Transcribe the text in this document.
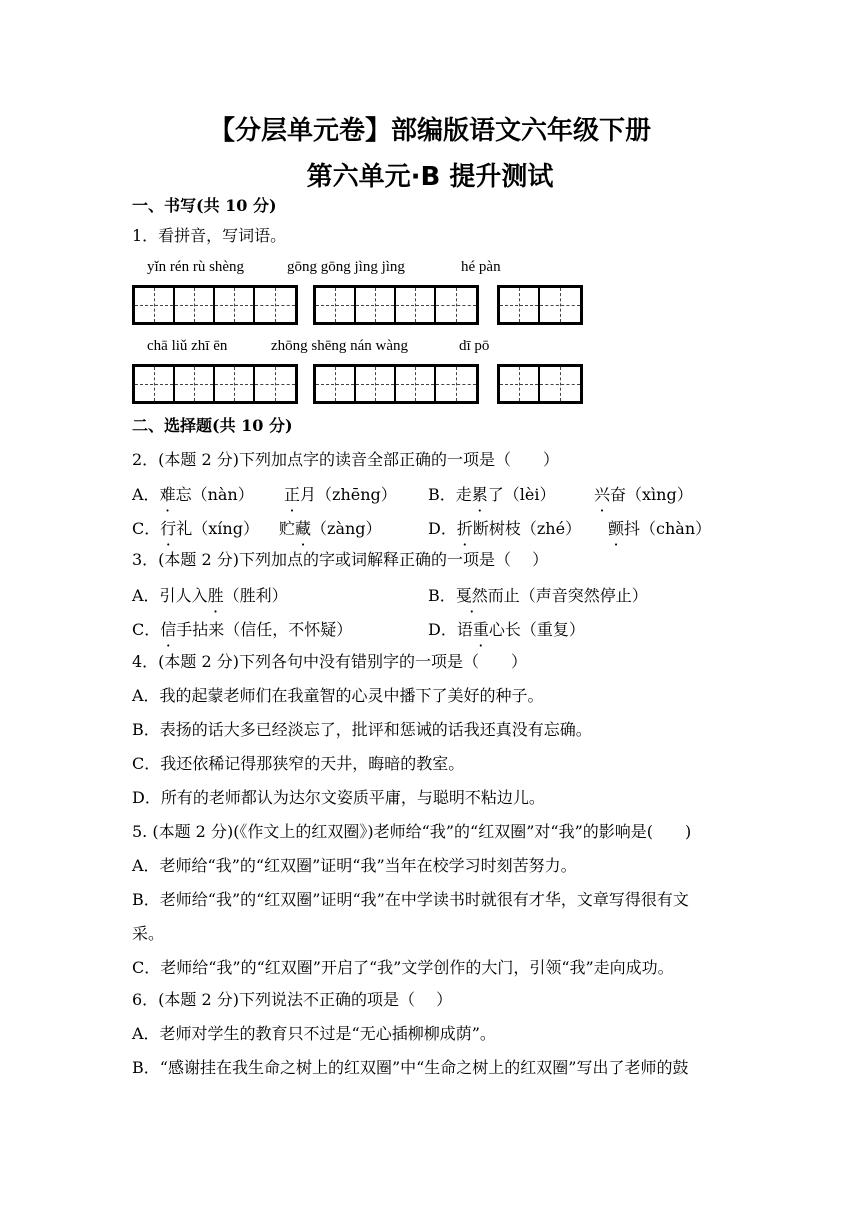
【分层单元卷】部编版语文六年级下册
第六单元·B 提升测试
一、书写(共 10 分)
1．看拼音，写词语。
yǐn rén rù shèng	gōng gōng jìng jìng	hé pàn
chā liǔ zhī ēn	zhōng shēng nán wàng	dī pō
二、选择题(共 10 分)
2．(本题 2 分)下列加点字的读音全部正确的一项是（　　）
A．难忘（nàn） 正月（zhēng） B．走累了（lèi） 兴奋（xìng）
C．行礼（xíng） 贮藏（zàng）	D．折断树枝（zhé） 颤抖（chàn）
3．(本题 2 分)下列加点的字或词解释正确的一项是（　 ）
A．引人入胜（胜利）	B．戛然而止（声音突然停止）
C．信手拈来（信任，不怀疑）	D．语重心长（重复）
4．(本题 2 分)下列各句中没有错别字的一项是（　　）
A．我的起蒙老师们在我童智的心灵中播下了美好的种子。
B．表扬的话大多已经淡忘了，批评和惩诫的话我还真没有忘确。
C．我还依稀记得那狭窄的天井，晦暗的教室。
D．所有的老师都认为达尔文姿质平庸，与聪明不粘边儿。
5. (本题 2 分)(《作文上的红双圈》)老师给“我”的“红双圈”对“我”的影响是(　　)
A．老师给“我”的“红双圈”证明“我”当年在校学习时刻苦努力。
B．老师给“我”的“红双圈”证明“我”在中学读书时就很有才华，文章写得很有文
采。
C．老师给“我”的“红双圈”开启了“我”文学创作的大门，引领“我”走向成功。
6．(本题 2 分)下列说法不正确的项是（　 ）
A．老师对学生的教育只不过是“无心插柳柳成荫”。
B．“感谢挂在我生命之树上的红双圈”中“生命之树上的红双圈”写出了老师的鼓
